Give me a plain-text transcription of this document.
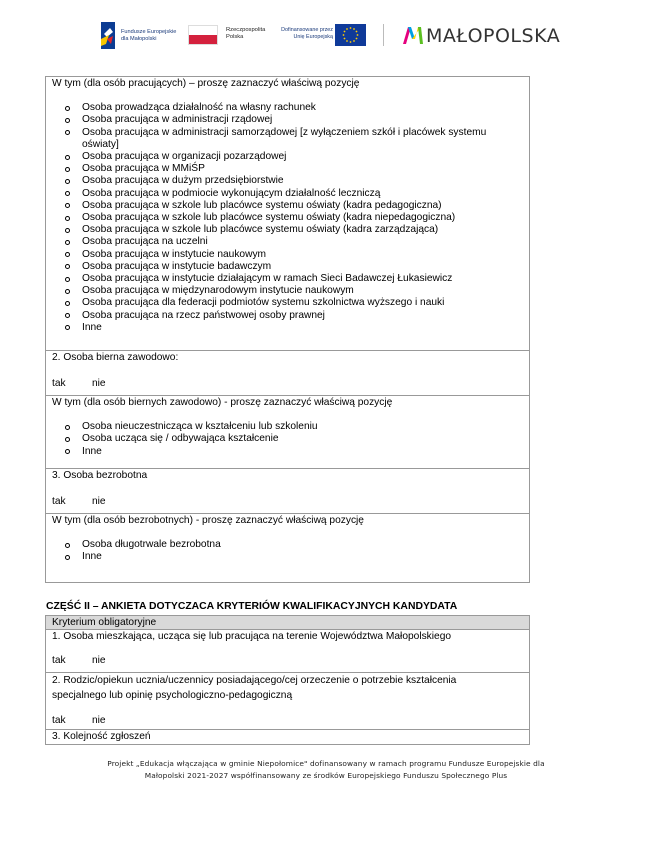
Fundusze Europejskie
dla Małopolski
Rzeczpospolita
Polska
Dofinansowane przez
Unię Europejską	MAŁOPOLSKA
W tym (dla osób pracujących) – proszę zaznaczyć właściwą pozycję
Osoba prowadząca działalność na własny rachunek
Osoba pracująca w administracji rządowej
Osoba pracująca w administracji samorządowej [z wyłączeniem szkół i placówek systemu oświaty]
Osoba pracująca w organizacji pozarządowej
Osoba pracująca w MMiŚP
Osoba pracująca w dużym przedsiębiorstwie
Osoba pracująca w podmiocie wykonującym działalność leczniczą
Osoba pracująca w szkole lub placówce systemu oświaty (kadra pedagogiczna)
Osoba pracująca w szkole lub placówce systemu oświaty (kadra niepedagogiczna)
Osoba pracująca w szkole lub placówce systemu oświaty (kadra zarządzająca)
Osoba pracująca na uczelni
Osoba pracująca w instytucie naukowym
Osoba pracująca w instytucie badawczym
Osoba pracująca w instytucie działającym w ramach Sieci Badawczej Łukasiewicz
Osoba pracująca w międzynarodowym instytucie naukowym
Osoba pracująca dla federacji podmiotów systemu szkolnictwa wyższego i nauki
Osoba pracująca na rzecz państwowej osoby prawnej
Inne
2. Osoba bierna zawodowo:
tak	nie
W tym (dla osób biernych zawodowo) - proszę zaznaczyć właściwą pozycję
Osoba nieuczestnicząca w kształceniu lub szkoleniu
Osoba ucząca się / odbywająca kształcenie
Inne
3. Osoba bezrobotna
tak	nie
W tym (dla osób bezrobotnych) - proszę zaznaczyć właściwą pozycję
Osoba długotrwale bezrobotna
Inne
CZĘŚĆ II – ANKIETA DOTYCZACA KRYTERIÓW KWALIFIKACYJNYCH KANDYDATA
Kryterium obligatoryjne
1. Osoba mieszkająca, ucząca się lub pracująca na terenie Województwa Małopolskiego
tak	nie
2. Rodzic/opiekun ucznia/uczennicy posiadającego/cej orzeczenie o potrzebie kształcenia specjalnego lub opinię psychologiczno-pedagogiczną
tak	nie
3. Kolejność zgłoszeń
Projekt „Edukacja włączająca w gminie Niepołomice" dofinansowany w ramach programu Fundusze Europejskie dla
Małopolski 2021-2027 współfinansowany ze środków Europejskiego Funduszu Społecznego Plus
